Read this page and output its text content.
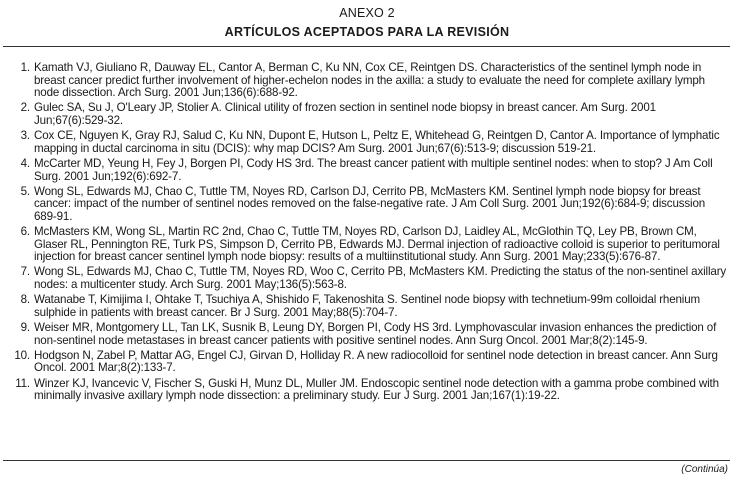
ANEXO 2
ARTÍCULOS ACEPTADOS PARA LA REVISIÓN
1. Kamath VJ, Giuliano R, Dauway EL, Cantor A, Berman C, Ku NN, Cox CE, Reintgen DS. Characteristics of the sentinel lymph node in breast cancer predict further involvement of higher-echelon nodes in the axilla: a study to evaluate the need for complete axillary lymph node dissection. Arch Surg. 2001 Jun;136(6):688-92.
2. Gulec SA, Su J, O'Leary JP, Stolier A. Clinical utility of frozen section in sentinel node biopsy in breast cancer. Am Surg. 2001 Jun;67(6):529-32.
3. Cox CE, Nguyen K, Gray RJ, Salud C, Ku NN, Dupont E, Hutson L, Peltz E, Whitehead G, Reintgen D, Cantor A. Importance of lymphatic mapping in ductal carcinoma in situ (DCIS): why map DCIS? Am Surg. 2001 Jun;67(6):513-9; discussion 519-21.
4. McCarter MD, Yeung H, Fey J, Borgen PI, Cody HS 3rd. The breast cancer patient with multiple sentinel nodes: when to stop? J Am Coll Surg. 2001 Jun;192(6):692-7.
5. Wong SL, Edwards MJ, Chao C, Tuttle TM, Noyes RD, Carlson DJ, Cerrito PB, McMasters KM. Sentinel lymph node biopsy for breast cancer: impact of the number of sentinel nodes removed on the false-negative rate. J Am Coll Surg. 2001 Jun;192(6):684-9; discussion 689-91.
6. McMasters KM, Wong SL, Martin RC 2nd, Chao C, Tuttle TM, Noyes RD, Carlson DJ, Laidley AL, McGlothin TQ, Ley PB, Brown CM, Glaser RL, Pennington RE, Turk PS, Simpson D, Cerrito PB, Edwards MJ. Dermal injection of radioactive colloid is superior to peritumoral injection for breast cancer sentinel lymph node biopsy: results of a multiinstitutional study. Ann Surg. 2001 May;233(5):676-87.
7. Wong SL, Edwards MJ, Chao C, Tuttle TM, Noyes RD, Woo C, Cerrito PB, McMasters KM. Predicting the status of the non-sentinel axillary nodes: a multicenter study. Arch Surg. 2001 May;136(5):563-8.
8. Watanabe T, Kimijima I, Ohtake T, Tsuchiya A, Shishido F, Takenoshita S. Sentinel node biopsy with technetium-99m colloidal rhenium sulphide in patients with breast cancer. Br J Surg. 2001 May;88(5):704-7.
9. Weiser MR, Montgomery LL, Tan LK, Susnik B, Leung DY, Borgen PI, Cody HS 3rd. Lymphovascular invasion enhances the prediction of non-sentinel node metastases in breast cancer patients with positive sentinel nodes. Ann Surg Oncol. 2001 Mar;8(2):145-9.
10. Hodgson N, Zabel P, Mattar AG, Engel CJ, Girvan D, Holliday R. A new radiocolloid for sentinel node detection in breast cancer. Ann Surg Oncol. 2001 Mar;8(2):133-7.
11. Winzer KJ, Ivancevic V, Fischer S, Guski H, Munz DL, Muller JM. Endoscopic sentinel node detection with a gamma probe combined with minimally invasive axillary lymph node dissection: a preliminary study. Eur J Surg. 2001 Jan;167(1):19-22.
(Continúa)
